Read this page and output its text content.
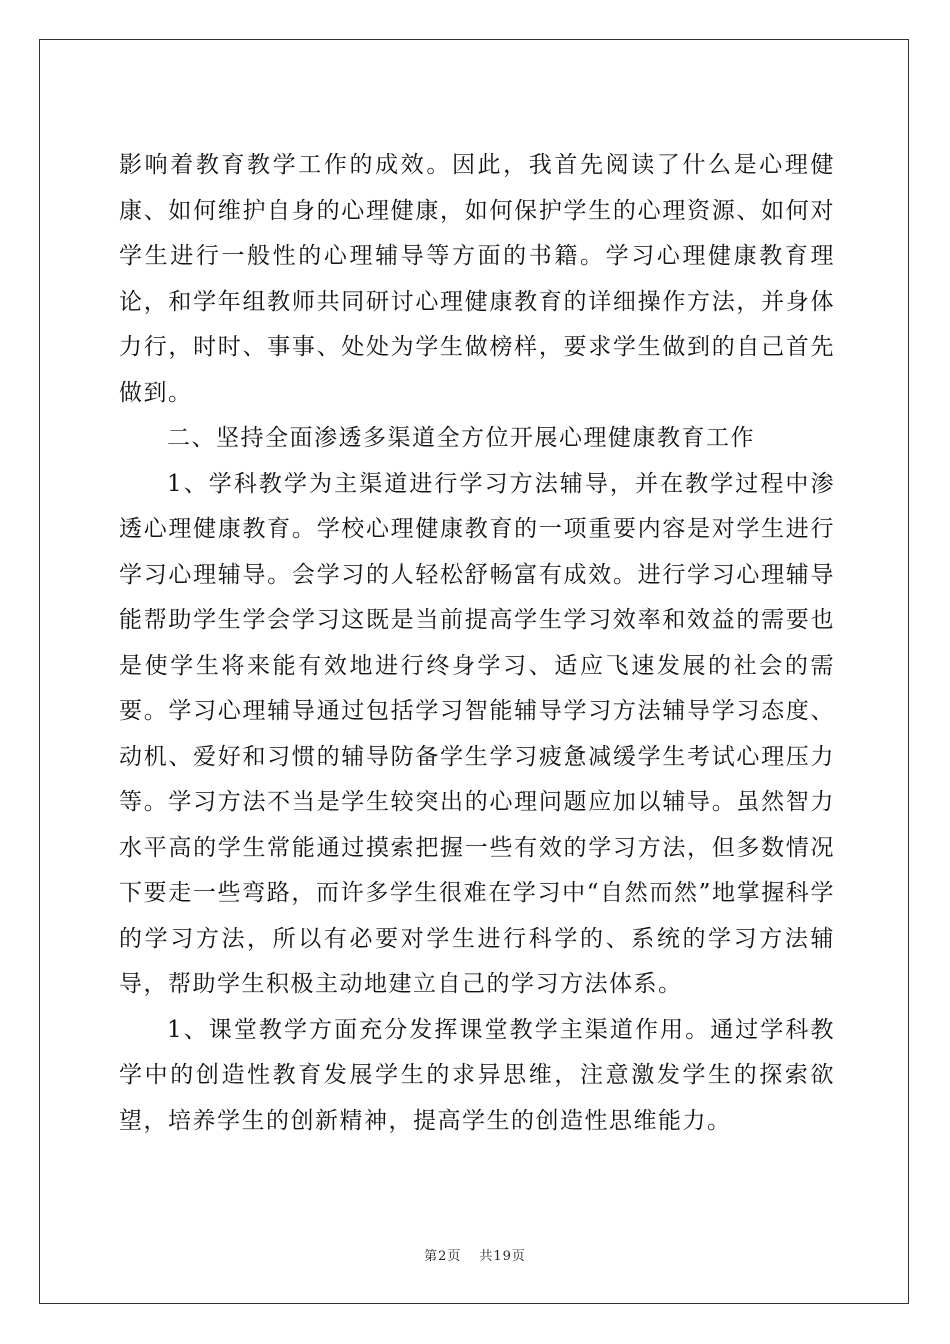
影响着教育教学工作的成效。因此，我首先阅读了什么是心理健康、如何维护自身的心理健康，如何保护学生的心理资源、如何对学生进行一般性的心理辅导等方面的书籍。学习心理健康教育理论，和学年组教师共同研讨心理健康教育的详细操作方法，并身体力行，时时、事事、处处为学生做榜样，要求学生做到的自己首先做到。

二、坚持全面渗透多渠道全方位开展心理健康教育工作

1、学科教学为主渠道进行学习方法辅导，并在教学过程中渗透心理健康教育。学校心理健康教育的一项重要内容是对学生进行学习心理辅导。会学习的人轻松舒畅富有成效。进行学习心理辅导能帮助学生学会学习这既是当前提高学生学习效率和效益的需要也是使学生将来能有效地进行终身学习、适应飞速发展的社会的需要。学习心理辅导通过包括学习智能辅导学习方法辅导学习态度、动机、爱好和习惯的辅导防备学生学习疲惫减缓学生考试心理压力等。学习方法不当是学生较突出的心理问题应加以辅导。虽然智力水平高的学生常能通过摸索把握一些有效的学习方法，但多数情况下要走一些弯路，而许多学生很难在学习中“自然而然”地掌握科学的学习方法，所以有必要对学生进行科学的、系统的学习方法辅导，帮助学生积极主动地建立自己的学习方法体系。

1、课堂教学方面充分发挥课堂教学主渠道作用。通过学科教学中的创造性教育发展学生的求异思维，注意激发学生的探索欲望，培养学生的创新精神，提高学生的创造性思维能力。

第2页 共19页
